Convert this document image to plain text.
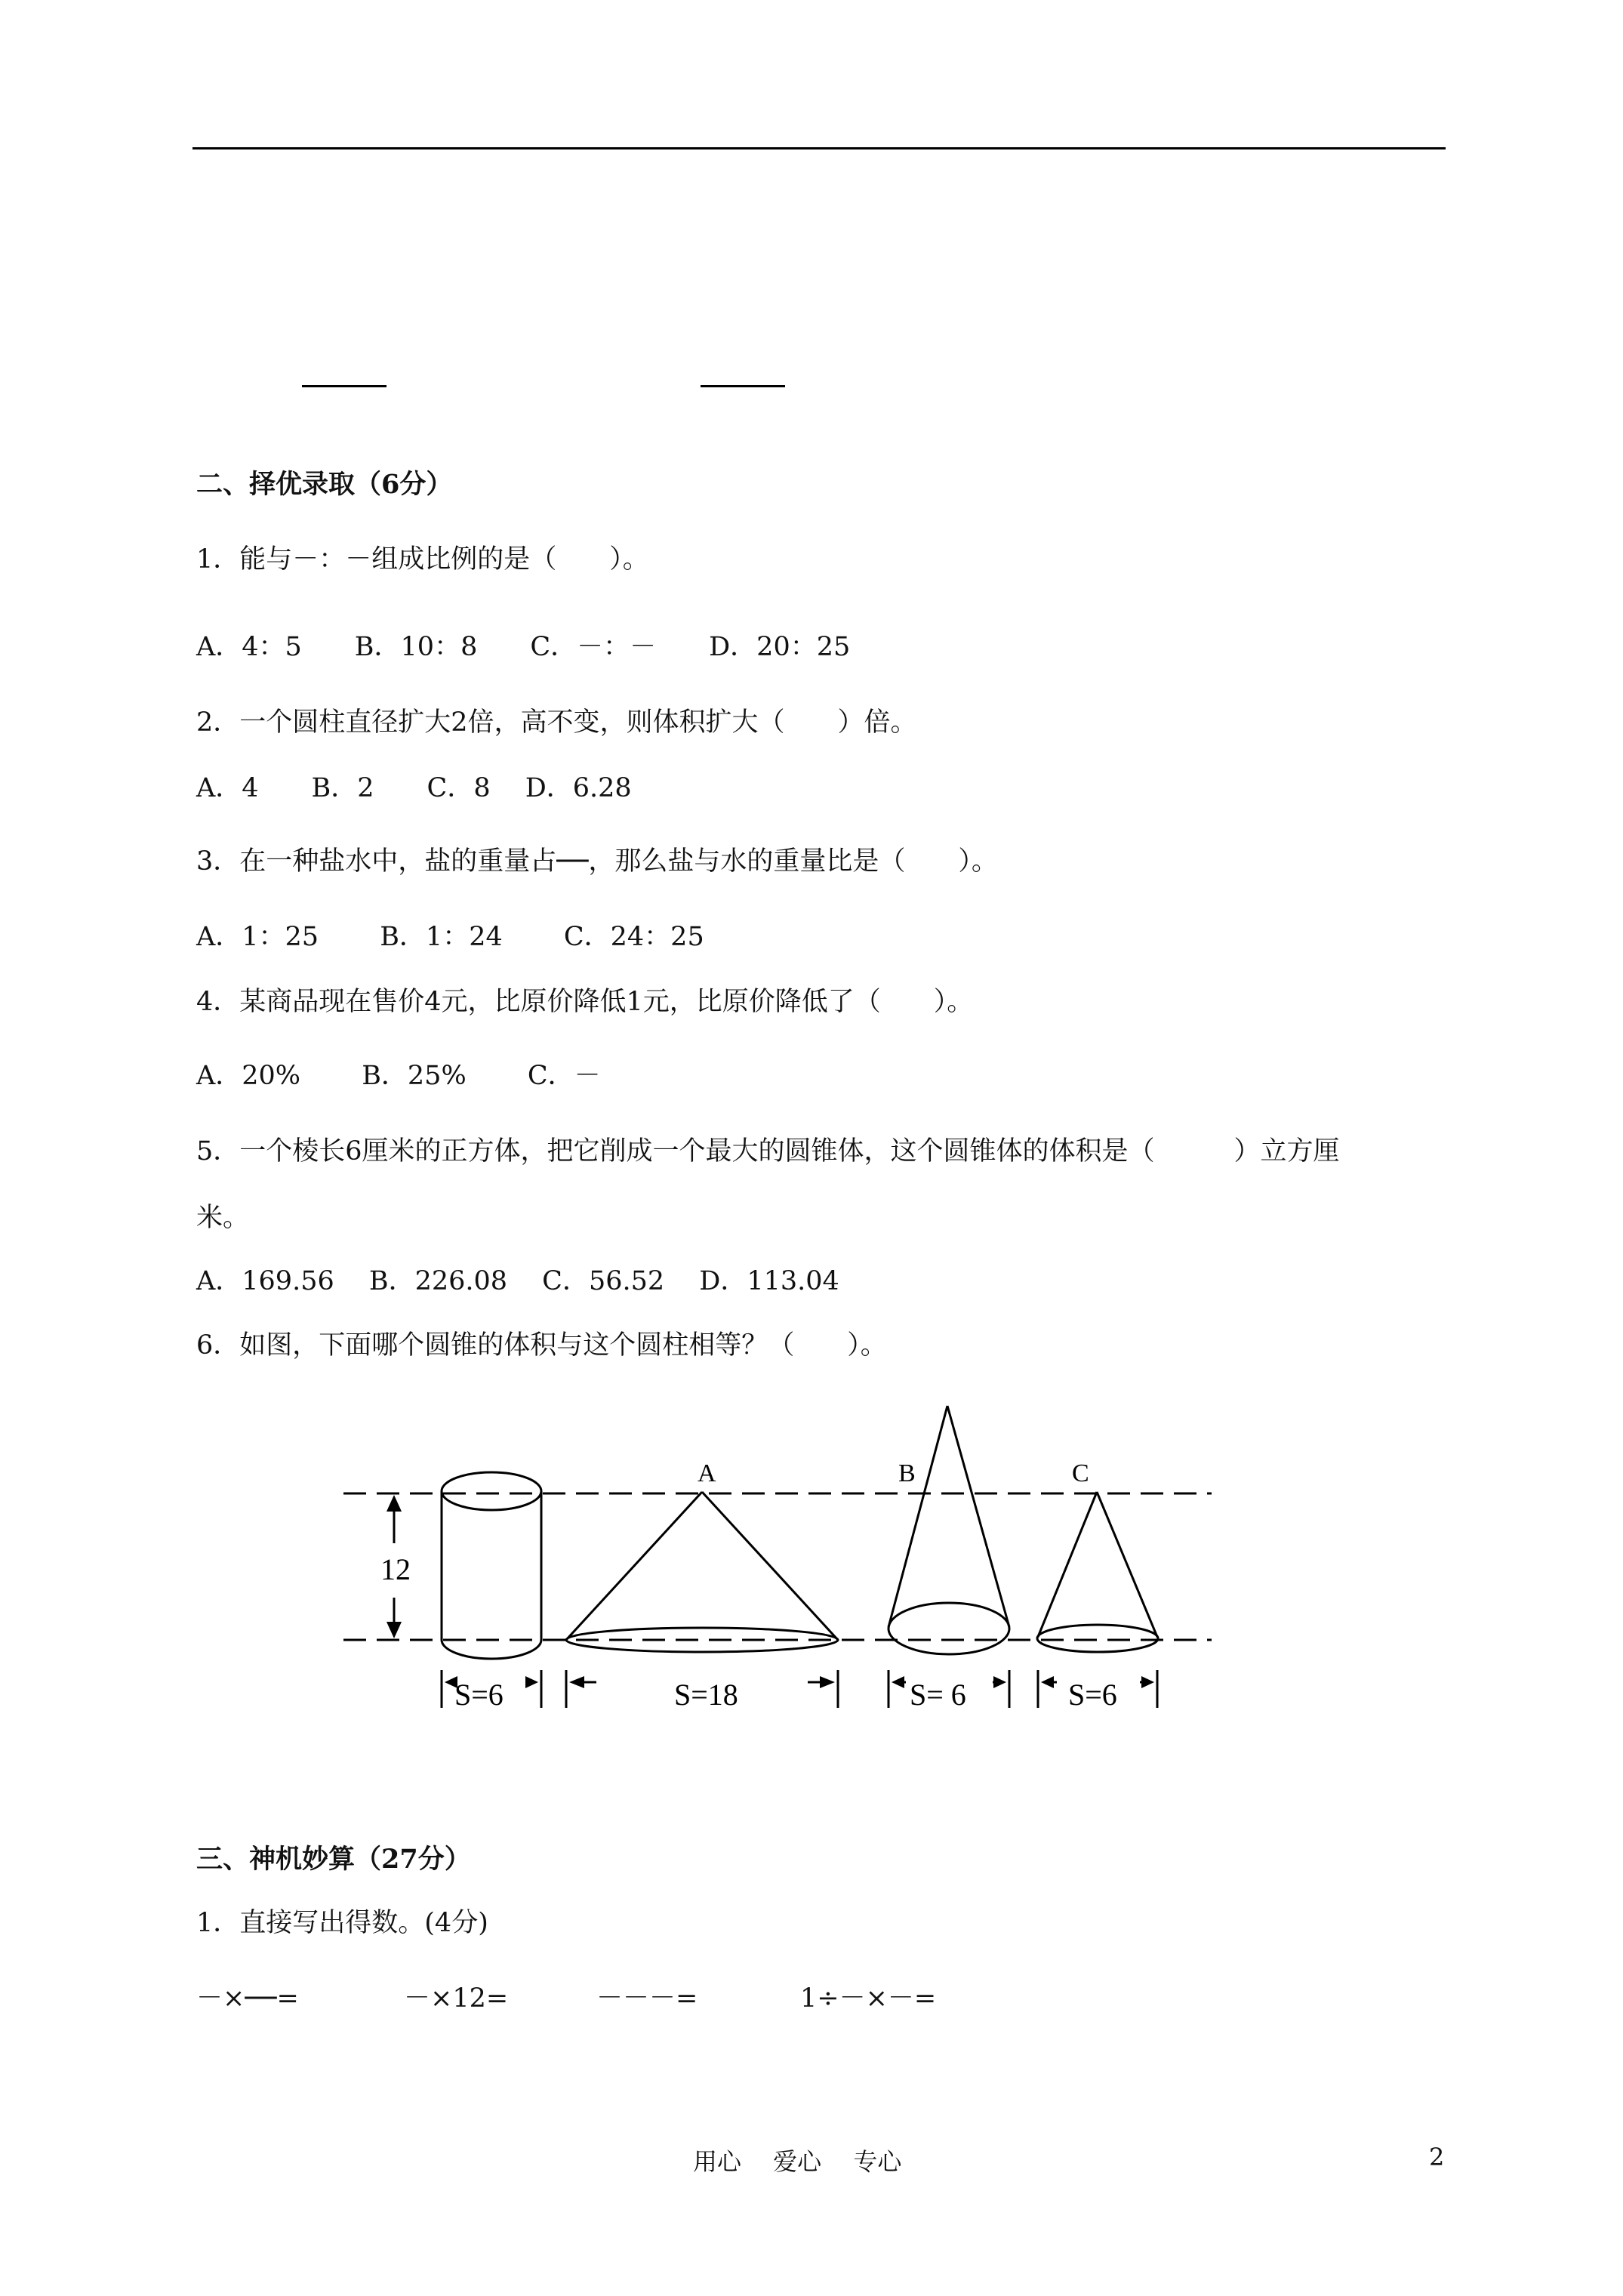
二、择优录取（6分）
1．能与－：－组成比例的是（　　）。
A．4：5　　B．10：8　　C．－：－　　D．20：25
2．一个圆柱直径扩大2倍，高不变，则体积扩大（　　）倍。
A．4　　B．2　　C．8　 D．6.28
3．在一种盐水中，盐的重量占──，那么盐与水的重量比是（　　）。
A．1：25　　 B．1：24　　 C．24：25
4．某商品现在售价4元，比原价降低1元，比原价降低了（　　）。
A．20%　　 B．25%　　 C．－
5．一个棱长6厘米的正方体，把它削成一个最大的圆锥体，这个圆锥体的体积是（　　　）立方厘
米。
A．169.56　 B．226.08　 C．56.52　 D．113.04
6．如图，下面哪个圆锥的体积与这个圆柱相等？（　　）。
12
A	B	C
S=6	S=18	S= 6	S=6
三、神机妙算（27分）
1．直接写出得数。(4分)
－×──=	－×12=	－－－=	1÷－×－=
用心　 爱心　 专心	2
